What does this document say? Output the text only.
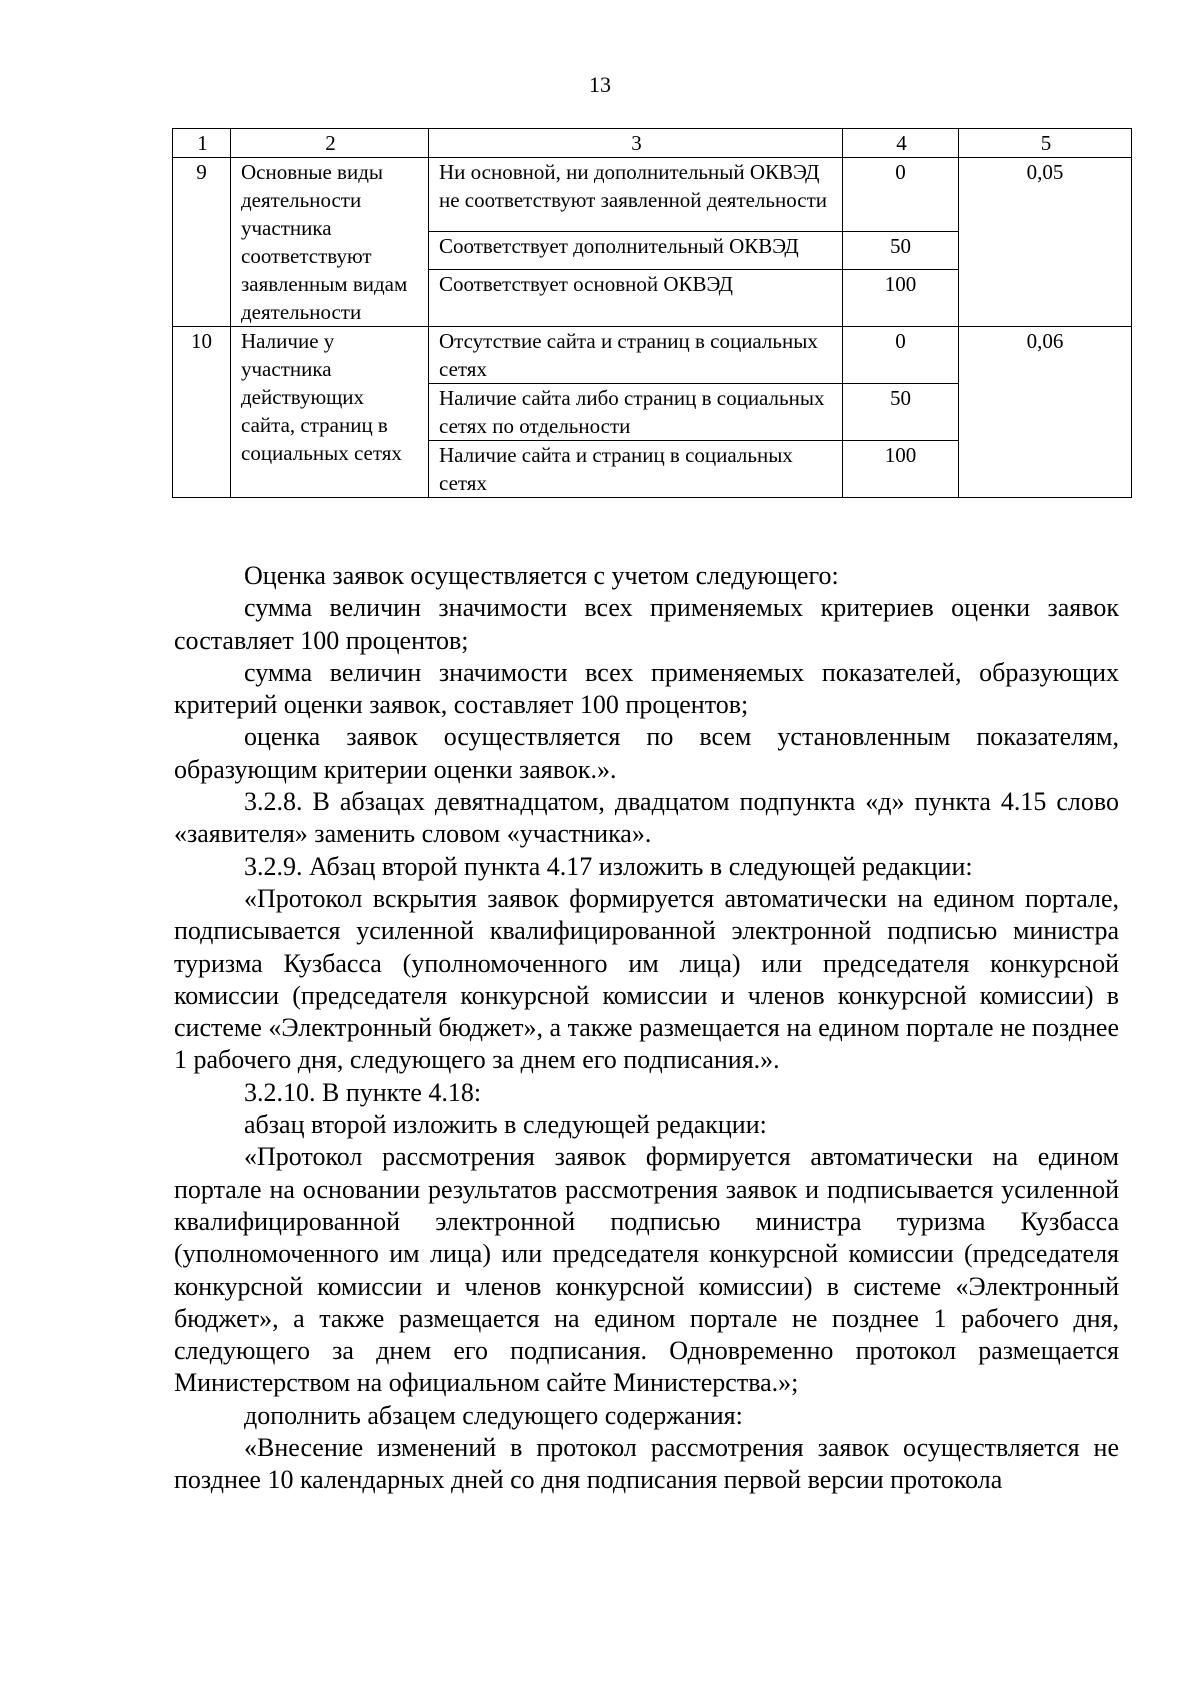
13
1	2	3	4	5
9	Основные виды деятельности участника соответствуют заявленным видам деятельности	Ни основной, ни дополнительный ОКВЭД не соответствуют заявленной деятельности	0	0,05
		Соответствует дополнительный ОКВЭД	50	
		Соответствует основной ОКВЭД	100	
10	Наличие у участника действующих сайта, страниц в социальных сетях	Отсутствие сайта и страниц в социальных сетях	0	0,06
		Наличие сайта либо страниц в социальных сетях по отдельности	50	
		Наличие сайта и страниц в социальных сетях	100	

Оценка заявок осуществляется с учетом следующего:

сумма величин значимости всех применяемых критериев оценки заявок составляет 100 процентов;

сумма величин значимости всех применяемых показателей, образующих критерий оценки заявок, составляет 100 процентов;

оценка заявок осуществляется по всем установленным показателям, образующим критерии оценки заявок.».

3.2.8. В абзацах девятнадцатом, двадцатом подпункта «д» пункта 4.15 слово «заявителя» заменить словом «участника».

3.2.9. Абзац второй пункта 4.17 изложить в следующей редакции:

«Протокол вскрытия заявок формируется автоматически на едином портале, подписывается усиленной квалифицированной электронной подписью министра туризма Кузбасса (уполномоченного им лица) или председателя конкурсной комиссии (председателя конкурсной комиссии и членов конкурсной комиссии) в системе «Электронный бюджет», а также размещается на едином портале не позднее 1 рабочего дня, следующего за днем его подписания.».

3.2.10. В пункте 4.18:

абзац второй изложить в следующей редакции:

«Протокол рассмотрения заявок формируется автоматически на едином портале на основании результатов рассмотрения заявок и подписывается усиленной квалифицированной электронной подписью министра туризма Кузбасса (уполномоченного им лица) или председателя конкурсной комиссии (председателя конкурсной комиссии и членов конкурсной комиссии) в системе «Электронный бюджет», а также размещается на едином портале не позднее 1 рабочего дня, следующего за днем его подписания. Одновременно протокол размещается Министерством на официальном сайте Министерства.»;

дополнить абзацем следующего содержания:

«Внесение изменений в протокол рассмотрения заявок осуществляется не позднее 10 календарных дней со дня подписания первой версии протокола
